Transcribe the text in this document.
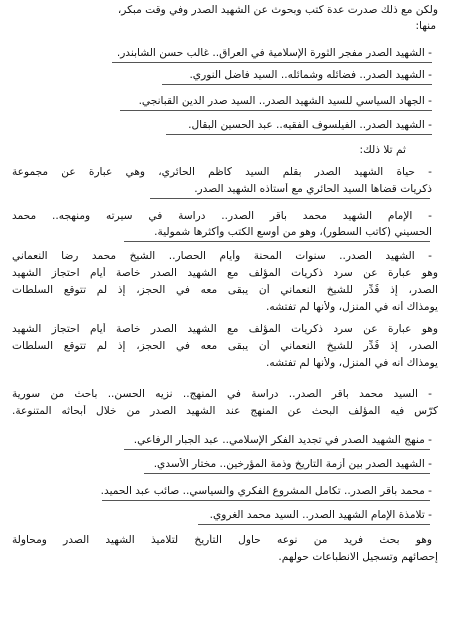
ولكن مع ذلك صدرت عدة كتب وبحوث عن الشهيد الصدر وفي وقت مبكر،
منها:
- الشهيد الصدر مفجر الثورة الإسلامية في العراق.. غالب حسن الشابندر.
- الشهيد الصدر.. فضائله وشمائله.. السيد فاضل النوري.
- الجهاد السياسي للسيد الشهيد الصدر.. السيد صدر الدين القبانجي.
- الشهيد الصدر.. الفيلسوف الفقيه.. عبد الحسين البقال.
ثم تلا ذلك:
- حياة الشهيد الصدر بقلم السيد كاظم الحائري، وهي عبارة عن مجموعة
ذكريات قضاها السيد الحائري مع أستاذه الشهيد الصدر.
- الإمام الشهيد محمد باقر الصدر.. دراسة في سيرته ومنهجه.. محمد
الحسيني (كاتب السطور)، وهو من أوسع الكتب وأكثرها شمولية.
- الشهيد الصدر.. سنوات المحنة وأيام الحصار.. الشيخ محمد رضا النعماني
وهو عبارة عن سرد ذكريات المؤلف مع الشهيد الصدر خاصة أيام احتجاز الشهيد
الصدر، إذ قُدِّر للشيخ النعماني أن يبقى معه في الحجز، إذ لم تتوقع السلطات
يومذاك أنه في المنزل، ولأنها لم تفتشه.
وهو عبارة عن سرد ذكريات المؤلف مع الشهيد الصدر خاصة أيام احتجاز الشهيد
الصدر، إذ قُدِّر للشيخ النعماني أن يبقى معه في الحجز، إذ لم تتوقع السلطات
يومذاك أنه في المنزل، ولأنها لم تفتشه.
- السيد محمد باقر الصدر.. دراسة في المنهج.. نزيه الحسن.. باحث من سورية
كرّس فيه المؤلف البحث عن المنهج عند الشهيد الصدر من خلال أبحاثه المتنوعة.
- منهج الشهيد الصدر في تجديد الفكر الإسلامي.. عبد الجبار الرفاعي.
- الشهيد الصدر بين أزمة التاريخ وذمة المؤرخين.. مختار الأسدي.
- محمد باقر الصدر.. تكامل المشروع الفكري والسياسي.. صائب عبد الحميد.
- تلامذة الإمام الشهيد الصدر.. السيد محمد الغروي.
وهو بحث فريد من نوعه حاول التأريخ لتلاميذ الشهيد الصدر ومحاولة
إحصائهم وتسجيل الانطباعات حولهم.
